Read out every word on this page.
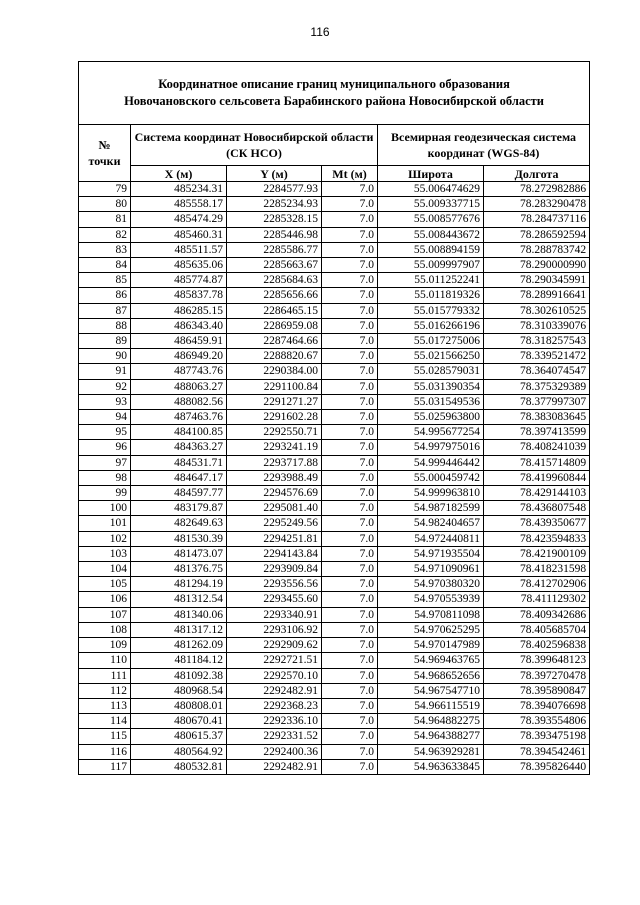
116
Координатное описание границ муниципального образования
Новочановского сельсовета Барабинского района Новосибирской области					
№ точки	Система координат Новосибирской области (СК НСО)			Всемирная геодезическая система координат (WGS-84)	
	X (м)	Y (м)	Mt (м)	Широта	Долгота
79	485234.31	2284577.93	7.0	55.006474629	78.272982886
80	485558.17	2285234.93	7.0	55.009337715	78.283290478
81	485474.29	2285328.15	7.0	55.008577676	78.284737116
82	485460.31	2285446.98	7.0	55.008443672	78.286592594
83	485511.57	2285586.77	7.0	55.008894159	78.288783742
84	485635.06	2285663.67	7.0	55.009997907	78.290000990
85	485774.87	2285684.63	7.0	55.011252241	78.290345991
86	485837.78	2285656.66	7.0	55.011819326	78.289916641
87	486285.15	2286465.15	7.0	55.015779332	78.302610525
88	486343.40	2286959.08	7.0	55.016266196	78.310339076
89	486459.91	2287464.66	7.0	55.017275006	78.318257543
90	486949.20	2288820.67	7.0	55.021566250	78.339521472
91	487743.76	2290384.00	7.0	55.028579031	78.364074547
92	488063.27	2291100.84	7.0	55.031390354	78.375329389
93	488082.56	2291271.27	7.0	55.031549536	78.377997307
94	487463.76	2291602.28	7.0	55.025963800	78.383083645
95	484100.85	2292550.71	7.0	54.995677254	78.397413599
96	484363.27	2293241.19	7.0	54.997975016	78.408241039
97	484531.71	2293717.88	7.0	54.999446442	78.415714809
98	484647.17	2293988.49	7.0	55.000459742	78.419960844
99	484597.77	2294576.69	7.0	54.999963810	78.429144103
100	483179.87	2295081.40	7.0	54.987182599	78.436807548
101	482649.63	2295249.56	7.0	54.982404657	78.439350677
102	481530.39	2294251.81	7.0	54.972440811	78.423594833
103	481473.07	2294143.84	7.0	54.971935504	78.421900109
104	481376.75	2293909.84	7.0	54.971090961	78.418231598
105	481294.19	2293556.56	7.0	54.970380320	78.412702906
106	481312.54	2293455.60	7.0	54.970553939	78.411129302
107	481340.06	2293340.91	7.0	54.970811098	78.409342686
108	481317.12	2293106.92	7.0	54.970625295	78.405685704
109	481262.09	2292909.62	7.0	54.970147989	78.402596838
110	481184.12	2292721.51	7.0	54.969463765	78.399648123
111	481092.38	2292570.10	7.0	54.968652656	78.397270478
112	480968.54	2292482.91	7.0	54.967547710	78.395890847
113	480808.01	2292368.23	7.0	54.966115519	78.394076698
114	480670.41	2292336.10	7.0	54.964882275	78.393554806
115	480615.37	2292331.52	7.0	54.964388277	78.393475198
116	480564.92	2292400.36	7.0	54.963929281	78.394542461
117	480532.81	2292482.91	7.0	54.963633845	78.395826440
